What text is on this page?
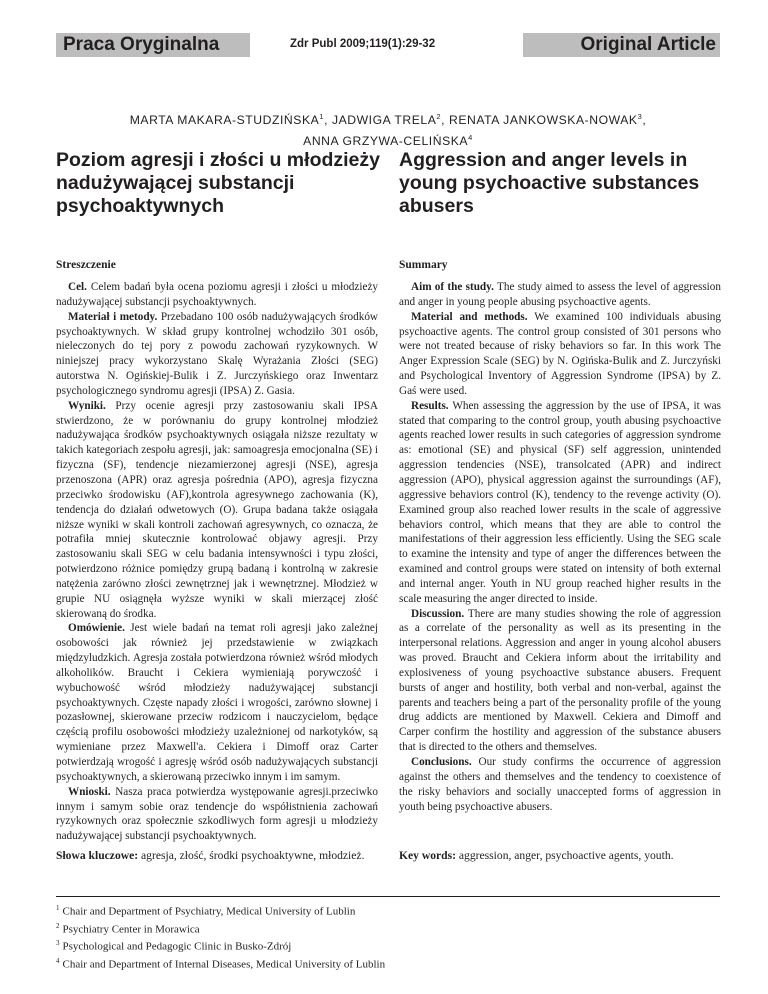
Praca Oryginalna	Zdr Publ 2009;119(1):29-32	Original Article
MARTA MAKARA-STUDZIŃSKA$^1$, JADWIGA TRELA$^2$, RENATA JANKOWSKA-NOWAK$^3$,
ANNA GRZYWA-CELIŃSKA$^4$
Poziom agresji i złości u młodzieży nadużywającej substancji psychoaktywnych
Aggression and anger levels in young psychoactive substances abusers
Streszczenie	Summary

Cel. Celem badań była ocena poziomu agresji i złości u młodzieży nadużywającej substancji psychoaktywnych.

Materiał i metody. Przebadano 100 osób nadużywających środków psychoaktywnych. W skład grupy kontrolnej wchodziło 301 osób, nieleczonych do tej pory z powodu zachowań ryzykownych. W niniejszej pracy wykorzystano Skalę Wyrażania Złości (SEG) autorstwa N. Ogińskiej-Bulik i Z. Jurczyńskiego oraz Inwentarz psychologicznego syndromu agresji (IPSA) Z. Gasia.

Wyniki. Przy ocenie agresji przy zastosowaniu skali IPSA stwierdzono, że w porównaniu do grupy kontrolnej młodzież nadużywająca środków psychoaktywnych osiągała niższe rezultaty w takich kategoriach zespołu agresji, jak: samoagresja emocjonalna (SE) i fizyczna (SF), tendencje niezamierzonej agresji (NSE), agresja przenoszona (APR) oraz agresja pośrednia (APO), agresja fizyczna przeciwko środowisku (AF),kontrola agresywnego zachowania (K), tendencja do działań odwetowych (O). Grupa badana także osiągała niższe wyniki w skali kontroli zachowań agresywnych, co oznacza, że potrafiła mniej skutecznie kontrolować objawy agresji. Przy zastosowaniu skali SEG w celu badania intensywności i typu złości, potwierdzono różnice pomiędzy grupą badaną i kontrolną w zakresie natężenia zarówno złości zewnętrznej jak i wewnętrznej. Młodzież w grupie NU osiągnęła wyższe wyniki w skali mierzącej złość skierowaną do środka.

Omówienie. Jest wiele badań na temat roli agresji jako zależnej osobowości jak również jej przedstawienie w związkach międzyludzkich. Agresja została potwierdzona również wśród młodych alkoholików. Braucht i Cekiera wymieniają porywczość i wybuchowość wśród młodzieży nadużywającej substancji psychoaktywnych. Częste napady złości i wrogości, zarówno słownej i pozasłownej, skierowane przeciw rodzicom i nauczycielom, będące częścią profilu osobowości młodzieży uzależnionej od narkotyków, są wymieniane przez Maxwell'a. Cekiera i Dimoff oraz Carter potwierdzają wrogość i agresję wśród osób nadużywających substancji psychoaktywnych, a skierowaną przeciwko innym i im samym.

Wnioski. Nasza praca potwierdza występowanie agresji.przeciwko innym i samym sobie oraz tendencje do współistnienia zachowań ryzykownych oraz społecznie szkodliwych form agresji u młodzieży nadużywającej substancji psychoaktywnych.

Aim of the study. The study aimed to assess the level of aggression and anger in young people abusing psychoactive agents.

Material and methods. We examined 100 individuals abusing psychoactive agents. The control group consisted of 301 persons who were not treated because of risky behaviors so far. In this work The Anger Expression Scale (SEG) by N. Ogińska-Bulik and Z. Jurczyński and Psychological Inventory of Aggression Syndrome (IPSA) by Z. Gaś were used.

Results. When assessing the aggression by the use of IPSA, it was stated that comparing to the control group, youth abusing psychoactive agents reached lower results in such categories of aggression syndrome as: emotional (SE) and physical (SF) self aggression, unintended aggression tendencies (NSE), transolcated (APR) and indirect aggression (APO), physical aggression against the surroundings (AF), aggressive behaviors control (K), tendency to the revenge activity (O). Examined group also reached lower results in the scale of aggressive behaviors control, which means that they are able to control the manifestations of their aggression less efficiently. Using the SEG scale to examine the intensity and type of anger the differences between the examined and control groups were stated on intensity of both external and internal anger. Youth in NU group reached higher results in the scale measuring the anger directed to inside.

Discussion. There are many studies showing the role of aggression as a correlate of the personality as well as its presenting in the interpersonal relations. Aggression and anger in young alcohol abusers was proved. Braucht and Cekiera inform about the irritability and explosiveness of young psychoactive substance abusers. Frequent bursts of anger and hostility, both verbal and non-verbal, against the parents and teachers being a part of the personality profile of the young drug addicts are mentioned by Maxwell. Cekiera and Dimoff and Carper confirm the hostility and aggression of the substance abusers that is directed to the others and themselves.

Conclusions. Our study confirms the occurrence of aggression against the others and themselves and the tendency to coexistence of the risky behaviors and socially unaccepted forms of aggression in youth being psychoactive abusers.

Słowa kluczowe: agresja, złość, środki psychoaktywne, młodzież.	Key words: aggression, anger, psychoactive agents, youth.
$^1$ Chair and Department of Psychiatry, Medical University of Lublin
$^2$ Psychiatry Center in Morawica
$^3$ Psychological and Pedagogic Clinic in Busko-Zdrój
$^4$ Chair and Department of Internal Diseases, Medical University of Lublin
